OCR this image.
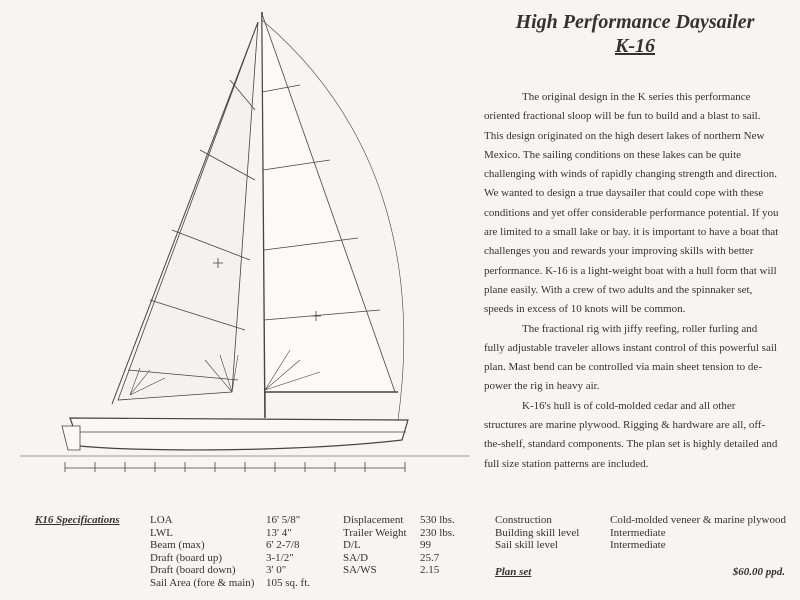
High Performance Daysailer
K-16

The original design in the K series this performance oriented fractional sloop will be fun to build and a blast to sail. This design originated on the high desert lakes of northern New Mexico. The sailing conditions on these lakes can be quite challenging with winds of rapidly changing strength and direction. We wanted to design a true daysailer that could cope with these conditions and yet offer considerable performance potential. If you are limited to a small lake or bay. it is important to have a boat that challenges you and rewards your improving skills with better performance. K-16 is a light-weight boat with a hull form that will plane easily. With a crew of two adults and the spinnaker set, speeds in excess of 10 knots will be common.

The fractional rig with jiffy reefing, roller furling and fully adjustable traveler allows instant control of this powerful sail plan. Mast bend can be controlled via main sheet tension to de-power the rig in heavy air.

K-16's hull is of cold-molded cedar and all other structures are marine plywood. Rigging & hardware are all, off-the-shelf, standard components. The plan set is highly detailed and full size station patterns are included.

K16 Specifications	LOA
LWL
Beam (max)
Draft (board up)
Draft (board down)
Sail Area (fore & main)
16' 5/8"
13' 4"
6' 2-7/8
3-1/2"
3' 0"
105 sq. ft.
Displacement
Trailer Weight
D/L
SA/D
SA/WS
530 lbs.
230 lbs.
99
25.7
2.15
Construction
Building skill level
Sail skill level
Cold-molded veneer & marine plywood
Intermediate
Intermediate
Plan set	$60.00 ppd.
